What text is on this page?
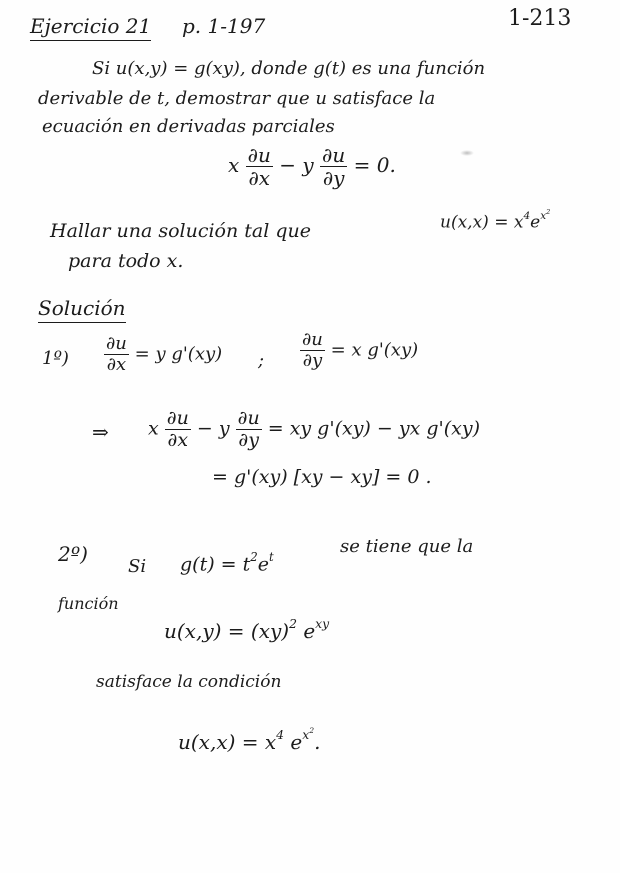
Ejercicio 21 p. 1-197	1-213
Si u(x,y) = g(xy), donde g(t) es una función
derivable de t, demostrar que u satisface la
ecuación en derivadas parciales
x $\frac{\partial u}{\partial x} - y \frac{\partial u}{\partial y} = 0$.
Hallar una solución tal que	$u(x,x) = x^4e^{x^2}$
para todo x.
Solución
1º) $\frac{\partial u}{\partial x} = y$ g'(xy) ; $\frac{\partial u}{\partial y} = x$ g'(xy)
⇒ x $\frac{\partial u}{\partial x} - y \frac{\partial u}{\partial y}$ = xy g'(xy) − yx g'(xy)
= g'(xy) [xy − xy] = 0 .
2º)
Si $g(t) = t^2e^t$	se tiene que la
función
u(x,y) = (xy)$^2$ $e^{xy}$
satisface la condición
$u(x,x) = x^4$ $e^{x^2}$.
